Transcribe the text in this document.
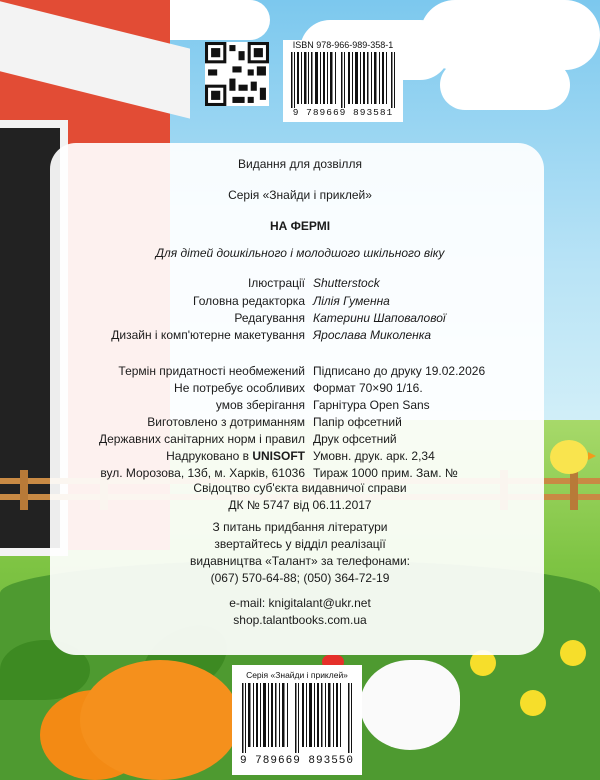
ISBN 978-966-989-358-1
9 789669 893581
Видання для дозвілля
Серія «Знайди і приклей»
НА ФЕРМІ
Для дітей дошкільного і молодшого шкільного віку
Ілюстрації Shutterstock
Головна редакторка Лілія Гуменна
Редагування Катерини Шаповалової
Дизайн і комп'ютерне макетування Ярослава Миколенка
Термін придатності необмежений
Не потребує особливих
умов зберігання
Виготовлено з дотриманням
Державних санітарних норм і правил
Надруковано в UNISOFT
вул. Морозова, 13б, м. Харків, 61036
Підписано до друку 19.02.2026
Формат 70×90 1/16.
Гарнітура Open Sans
Папір офсетний
Друк офсетний
Умовн. друк. арк. 2,34
Тираж 1000 прим. Зам. №
Свідоцтво суб'єкта видавничої справи
ДК № 5747 від 06.11.2017
З питань придбання літератури
звертайтесь у відділ реалізації
видавництва «Талант» за телефонами:
(067) 570-64-88; (050) 364-72-19
e-mail: knigitalant@ukr.net
shop.talantbooks.com.ua
Серія «Знайди і приклей»
9 789669 893550
